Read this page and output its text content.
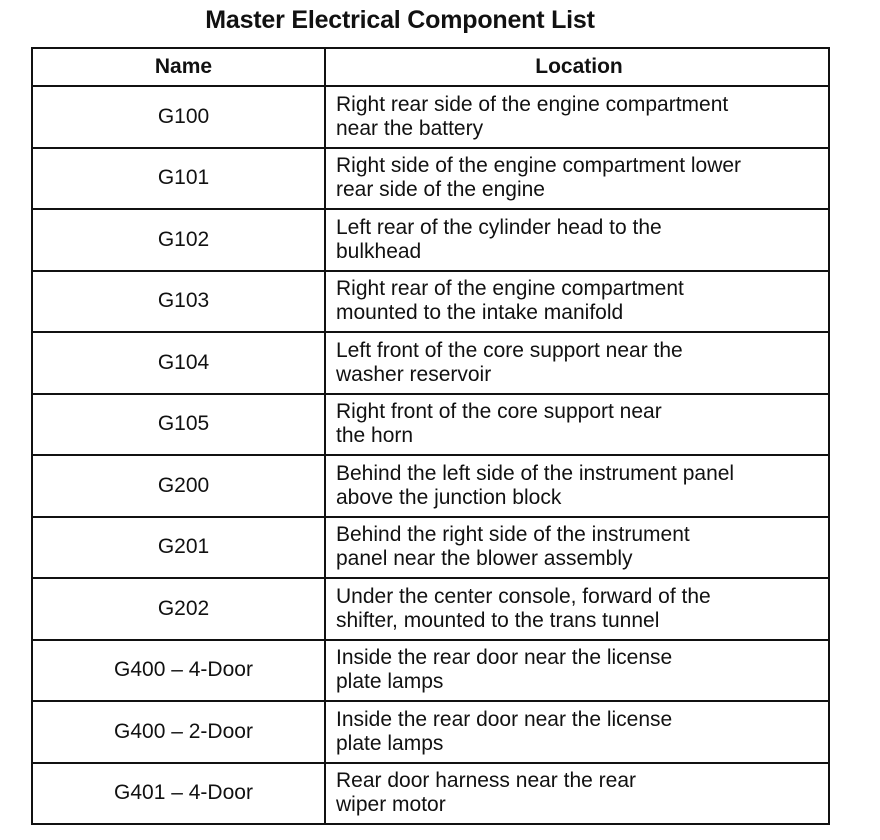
Master Electrical Component List
Name	Location
G100
Right rear side of the engine compartment
near the battery
G101
Right side of the engine compartment lower
rear side of the engine
G102
Left rear of the cylinder head to the
bulkhead
G103
Right rear of the engine compartment
mounted to the intake manifold
G104
Left front of the core support near the
washer reservoir
G105
Right front of the core support near
the horn
G200
Behind the left side of the instrument panel
above the junction block
G201
Behind the right side of the instrument
panel near the blower assembly
G202
Under the center console, forward of the
shifter, mounted to the trans tunnel
G400 – 4-Door
Inside the rear door near the license
plate lamps
G400 – 2-Door
Inside the rear door near the license
plate lamps
G401 – 4-Door
Rear door harness near the rear
wiper motor
